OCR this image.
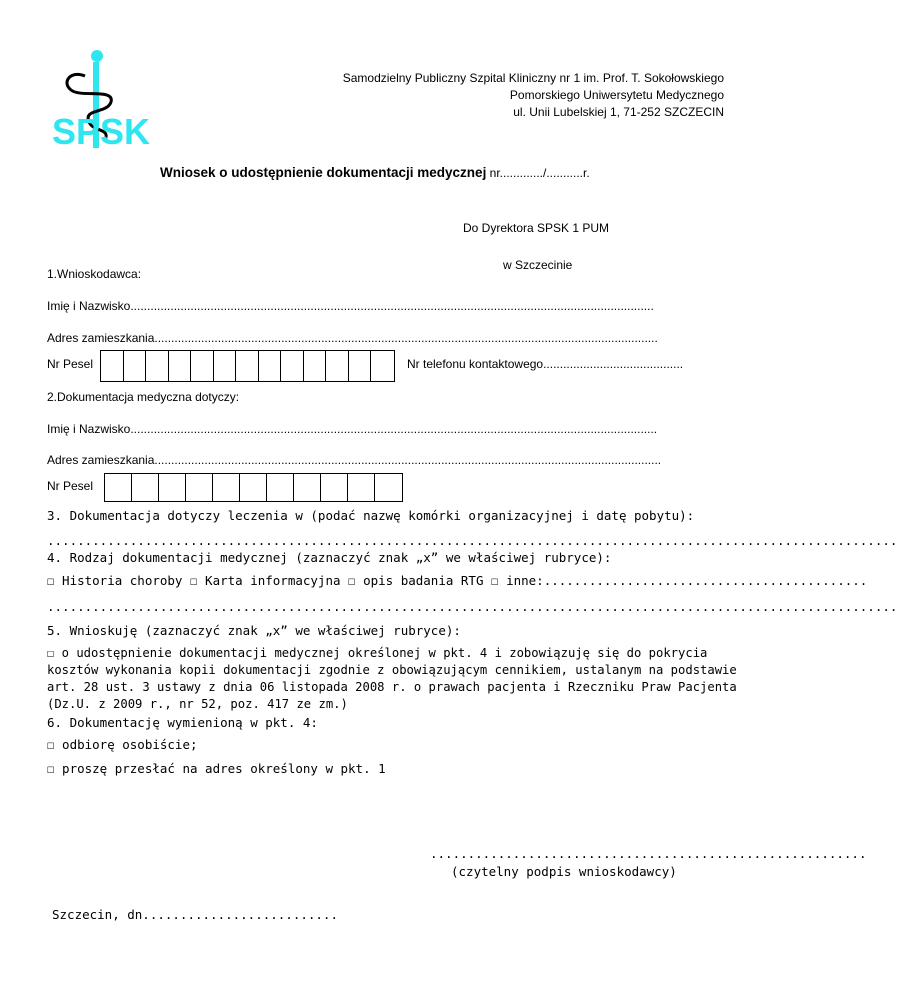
SPSK
Samodzielny Publiczny Szpital Kliniczny nr 1 im. Prof. T. Sokołowskiego
Pomorskiego Uniwersytetu Medycznego
ul. Unii Lubelskiej 1, 71-252 SZCZECIN
Wniosek o udostępnienie dokumentacji medycznej nr............./...........r.
Do Dyrektora SPSK 1 PUM
w Szczecinie
1.Wnioskodawca:
Imię i Nazwisko.............................................................................................................................................................
Adres zamieszkania.......................................................................................................................................................
Nr Pesel	Nr telefonu kontaktowego..........................................
2.Dokumentacja medyczna dotyczy:
Imię i Nazwisko..............................................................................................................................................................
Adres zamieszkania........................................................................................................................................................
Nr Pesel
3. Dokumentacja dotyczy leczenia w (podać nazwę komórki organizacyjnej i datę pobytu):
.................................................................................................................
4. Rodzaj dokumentacji medycznej (zaznaczyć znak „x” we właściwej rubryce):
☐ Historia choroby ☐ Karta informacyjna ☐ opis badania RTG ☐ inne:...........................................
.................................................................................................................
5. Wnioskuję (zaznaczyć znak „x” we właściwej rubryce):
☐ o udostępnienie dokumentacji medycznej określonej w pkt. 4 i zobowiązuję się do pokrycia kosztów wykonania kopii dokumentacji zgodnie z obowiązującym cennikiem, ustalanym na podstawie art. 28 ust. 3 ustawy z dnia 06 listopada 2008 r. o prawach pacjenta i Rzeczniku Praw Pacjenta (Dz.U. z 2009 r., nr 52, poz. 417 ze zm.)
6. Dokumentację wymienioną w pkt. 4:
☐ odbiorę osobiście;
☐ proszę przesłać na adres określony w pkt. 1
..........................................................
(czytelny podpis wnioskodawcy)
Szczecin, dn..........................
